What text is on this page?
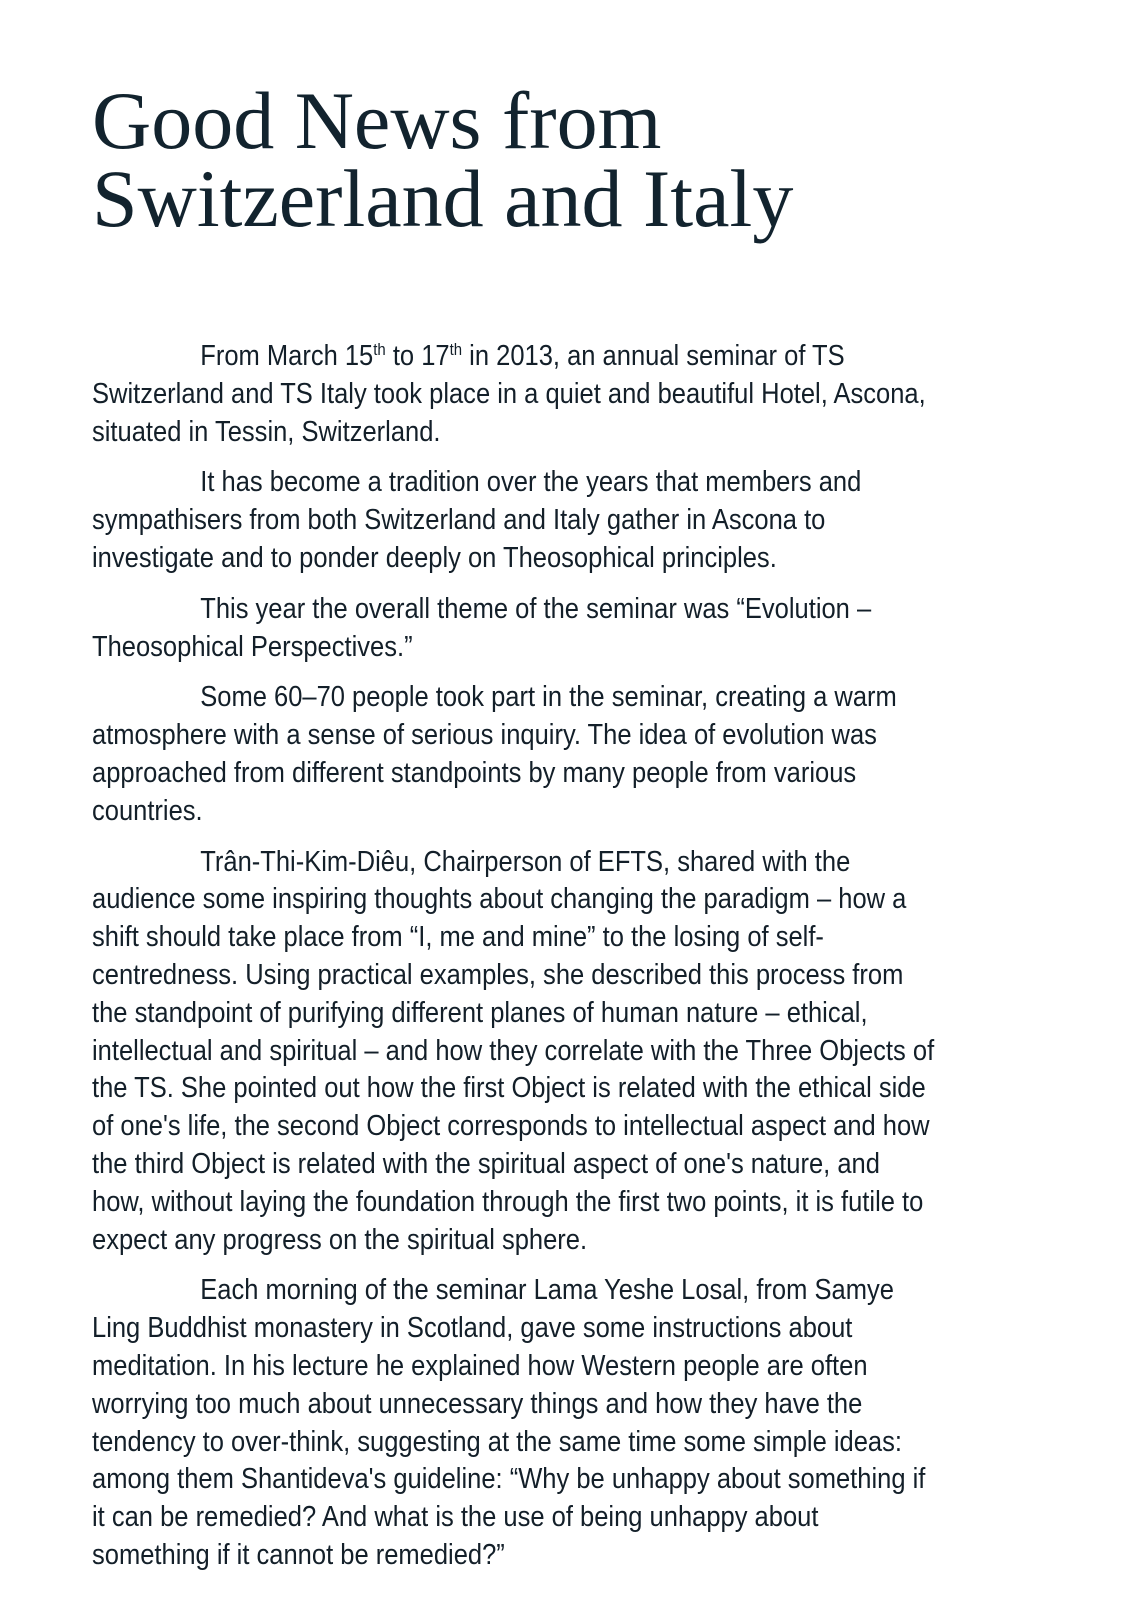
Good News from
Switzerland and Italy

From March 15th to 17th in 2013, an annual seminar of TS Switzerland and TS Italy took place in a quiet and beautiful Hotel, Ascona, situated in Tessin, Switzerland.

It has become a tradition over the years that members and sympathisers from both Switzerland and Italy gather in Ascona to investigate and to ponder deeply on Theosophical principles.

This year the overall theme of the seminar was “Evolution – Theosophical Perspectives.”

Some 60–70 people took part in the seminar, creating a warm atmosphere with a sense of serious inquiry. The idea of evolution was approached from different standpoints by many people from various countries.

Trân-Thi-Kim-Diêu, Chairperson of EFTS, shared with the audience some inspiring thoughts about changing the paradigm – how a shift should take place from “I, me and mine” to the losing of self-centredness. Using practical examples, she described this process from the standpoint of purifying different planes of human nature – ethical, intellectual and spiritual – and how they correlate with the Three Objects of the TS. She pointed out how the first Object is related with the ethical side of one's life, the second Object corresponds to intellectual aspect and how the third Object is related with the spiritual aspect of one's nature, and how, without laying the foundation through the first two points, it is futile to expect any progress on the spiritual sphere.

Each morning of the seminar Lama Yeshe Losal, from Samye Ling Buddhist monastery in Scotland, gave some instructions about meditation. In his lecture he explained how Western people are often worrying too much about unnecessary things and how they have the tendency to over-think, suggesting at the same time some simple ideas: among them Shantideva's guideline: “Why be unhappy about something if it can be remedied? And what is the use of being unhappy about something if it cannot be remedied?”
